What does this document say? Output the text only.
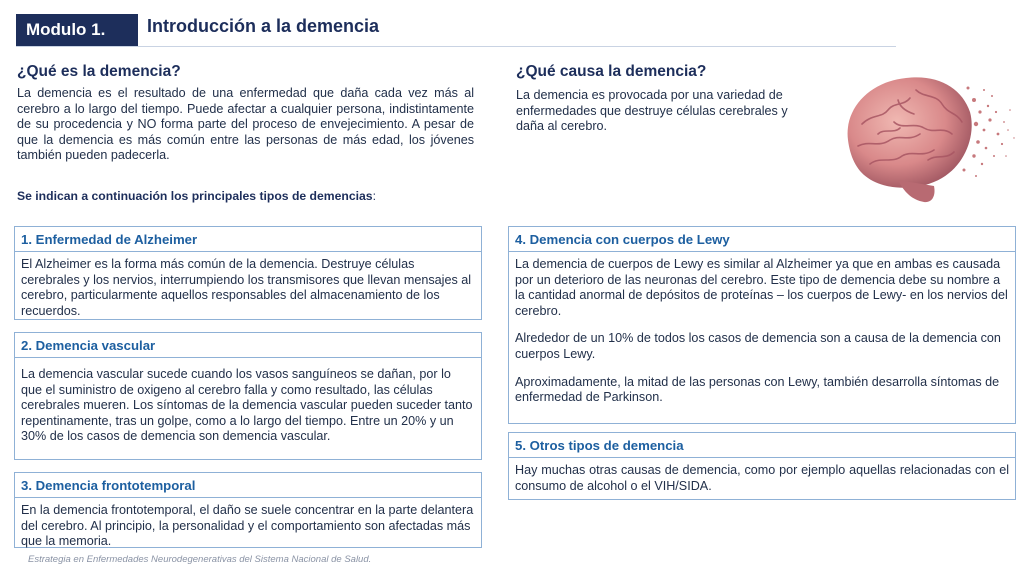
Modulo 1.	Introducción a la demencia
¿Qué es la demencia?

La demencia es el resultado de una enfermedad que daña cada vez más al cerebro a lo largo del tiempo. Puede afectar a cualquier persona, indistintamente de su procedencia y NO forma parte del proceso de envejecimiento. A pesar de que la demencia es más común entre las personas de más edad, los jóvenes también pueden padecerla.

Se indican a continuación los principales tipos de demencias:
¿Qué causa la demencia?

La demencia es provocada por una variedad de enfermedades que destruye células cerebrales y daña al cerebro.

1. Enfermedad de Alzheimer

El Alzheimer es la forma más común de la demencia. Destruye células cerebrales y los nervios, interrumpiendo los transmisores que llevan mensajes al cerebro, particularmente aquellos responsables del almacenamiento de los recuerdos.

2. Demencia vascular

La demencia vascular sucede cuando los vasos sanguíneos se dañan, por lo que el suministro de oxigeno al cerebro falla y como resultado, las células cerebrales mueren. Los síntomas de la demencia vascular pueden suceder tanto repentinamente, tras un golpe, como a lo largo del tiempo. Entre un 20% y un 30% de los casos de demencia son demencia vascular.

3. Demencia frontotemporal

En la demencia frontotemporal, el daño se suele concentrar en la parte delantera del cerebro. Al principio, la personalidad y el comportamiento son afectadas más que la memoria.

4. Demencia con cuerpos de Lewy

La demencia de cuerpos de Lewy es similar al Alzheimer ya que en ambas es causada por un deterioro de las neuronas del cerebro. Este tipo de demencia debe su nombre a la cantidad anormal de depósitos de proteínas – los cuerpos de Lewy- en los nervios del cerebro.

Alrededor de un 10% de todos los casos de demencia son a causa de la demencia con cuerpos Lewy.

Aproximadamente, la mitad de las personas con Lewy, también desarrolla síntomas de enfermedad de Parkinson.

5. Otros tipos de demencia

Hay muchas otras causas de demencia, como por ejemplo aquellas relacionadas con el consumo de alcohol o el VIH/SIDA.

Estrategia en Enfermedades Neurodegenerativas del Sistema Nacional de Salud.
